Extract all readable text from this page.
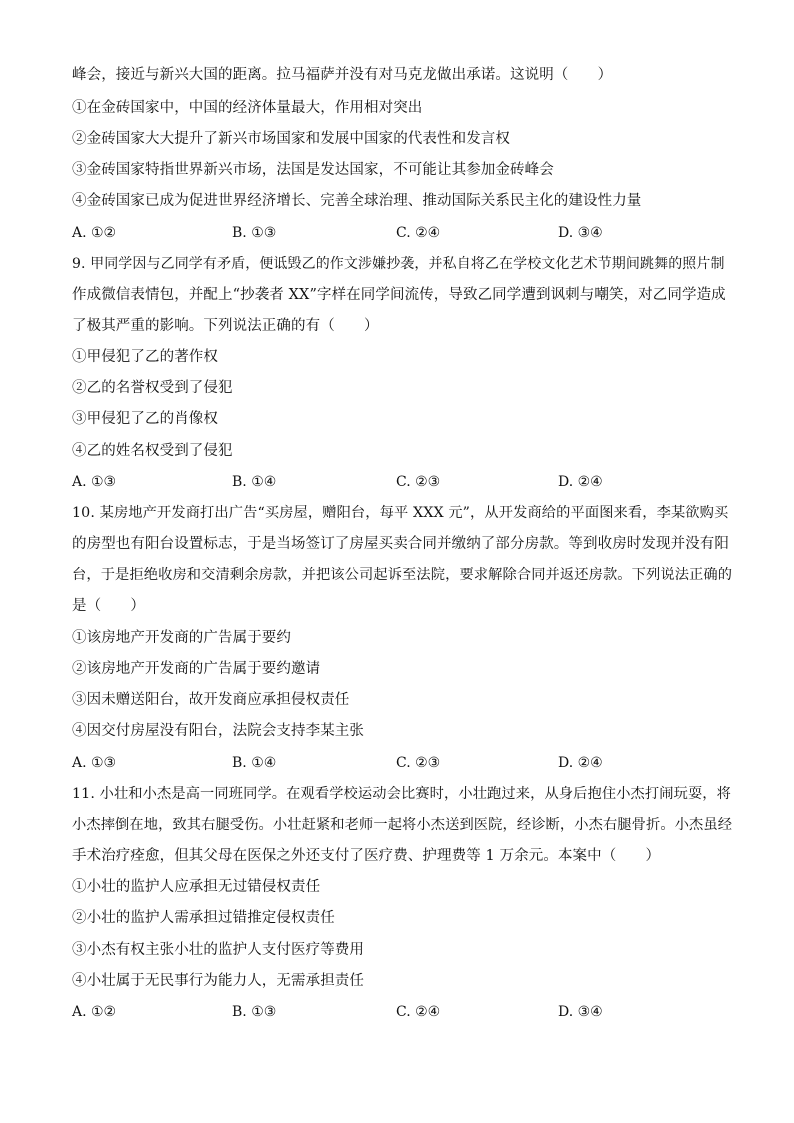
峰会，接近与新兴大国的距离。拉马福萨并没有对马克龙做出承诺。这说明（　　）
①在金砖国家中，中国的经济体量最大，作用相对突出
②金砖国家大大提升了新兴市场国家和发展中国家的代表性和发言权
③金砖国家特指世界新兴市场，法国是发达国家，不可能让其参加金砖峰会
④金砖国家已成为促进世界经济增长、完善全球治理、推动国际关系民主化的建设性力量
A. ①②	B. ①③	C. ②④	D. ③④
9. 甲同学因与乙同学有矛盾，便诋毁乙的作文涉嫌抄袭，并私自将乙在学校文化艺术节期间跳舞的照片制
作成微信表情包，并配上“抄袭者 XX”字样在同学间流传，导致乙同学遭到讽刺与嘲笑，对乙同学造成
了极其严重的影响。下列说法正确的有（　　）
①甲侵犯了乙的著作权
②乙的名誉权受到了侵犯
③甲侵犯了乙的肖像权
④乙的姓名权受到了侵犯
A. ①③	B. ①④	C. ②③	D. ②④
10. 某房地产开发商打出广告“买房屋，赠阳台，每平 XXX 元”，从开发商给的平面图来看，李某欲购买
的房型也有阳台设置标志，于是当场签订了房屋买卖合同并缴纳了部分房款。等到收房时发现并没有阳
台，于是拒绝收房和交清剩余房款，并把该公司起诉至法院，要求解除合同并返还房款。下列说法正确的
是（　　）
①该房地产开发商的广告属于要约
②该房地产开发商的广告属于要约邀请
③因未赠送阳台，故开发商应承担侵权责任
④因交付房屋没有阳台，法院会支持李某主张
A. ①③	B. ①④	C. ②③	D. ②④
11. 小壮和小杰是高一同班同学。在观看学校运动会比赛时，小壮跑过来，从身后抱住小杰打闹玩耍，将
小杰摔倒在地，致其右腿受伤。小壮赶紧和老师一起将小杰送到医院，经诊断，小杰右腿骨折。小杰虽经
手术治疗痊愈，但其父母在医保之外还支付了医疗费、护理费等 1 万余元。本案中（　　）
①小壮的监护人应承担无过错侵权责任
②小壮的监护人需承担过错推定侵权责任
③小杰有权主张小壮的监护人支付医疗等费用
④小壮属于无民事行为能力人，无需承担责任
A. ①②	B. ①③	C. ②④	D. ③④
